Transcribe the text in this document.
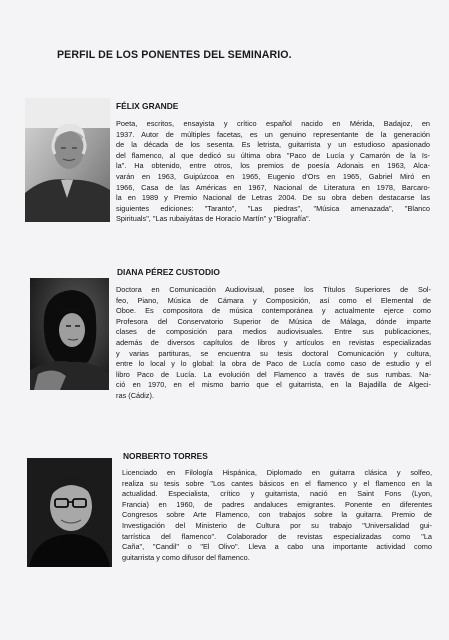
PERFIL DE LOS PONENTES DEL SEMINARIO.
FÉLIX GRANDE
Poeta, escritos, ensayista y crítico español nacido en Mérida, Badajoz, en
1937. Autor de múltiples facetas, es un genuino representante de la generación
de la década de los sesenta. Es letrista, guitarrista y un estudioso apasionado
del flamenco, al que dedicó su última obra "Paco de Lucía y Camarón de la Is-
la". Ha obtenido, entre otros, los premios de poesía Adonais en 1963, Alca-
varán en 1963, Guipúzcoa en 1965, Eugenio d'Ors en 1965, Gabriel Miró en
1966, Casa de las Américas en 1967, Nacional de Literatura en 1978, Barcaro-
la en 1989 y Premio Nacional de Letras 2004. De su obra deben destacarse las
siguientes ediciones: "Taranto", "Las piedras", "Música amenazada", "Blanco
Spirituals", "Las rubaiyátas de Horacio Martín" y "Biografía".
DIANA PÉREZ CUSTODIO
Doctora en Comunicación Audiovisual, posee los Títulos Superiores de Sol-
feo, Piano, Música de Cámara y Composición, así como el Elemental de
Oboe. Es compositora de música contemporánea y actualmente ejerce como
Profesora del Conservatorio Superior de Música de Málaga, dónde imparte
clases de composición para medios audiovisuales. Entre sus publicaciones,
además de diversos capítulos de libros y artículos en revistas especializadas
y varias partituras, se encuentra su tesis doctoral Comunicación y cultura,
entre lo local y lo global: la obra de Paco de Lucía como caso de estudio y el
libro Paco de Lucía. La evolución del Flamenco a través de sus rumbas. Na-
ció en 1970, en el mismo barrio que el guitarrista, en la Bajadilla de Algeci-
ras (Cádiz).
NORBERTO TORRES
Licenciado en Filología Hispánica, Diplomado en guitarra clásica y solfeo,
realiza su tesis sobre "Los cantes básicos en el flamenco y el flamenco en la
actualidad. Especialista, crítico y guitarrista, nació en Saint Fons (Lyon,
Francia) en 1960, de padres andaluces emigrantes. Ponente en diferentes
Congresos sobre Arte Flamenco, con trabajos sobre la guitarra. Premio de
Investigación del Ministerio de Cultura por su trabajo "Universalidad gui-
tarrística del flamenco". Colaborador de revistas especializadas como "La
Caña", "Candil" o "El Olivo". Lleva a cabo una importante actividad como
guitarrista y como difusor del flamenco.
